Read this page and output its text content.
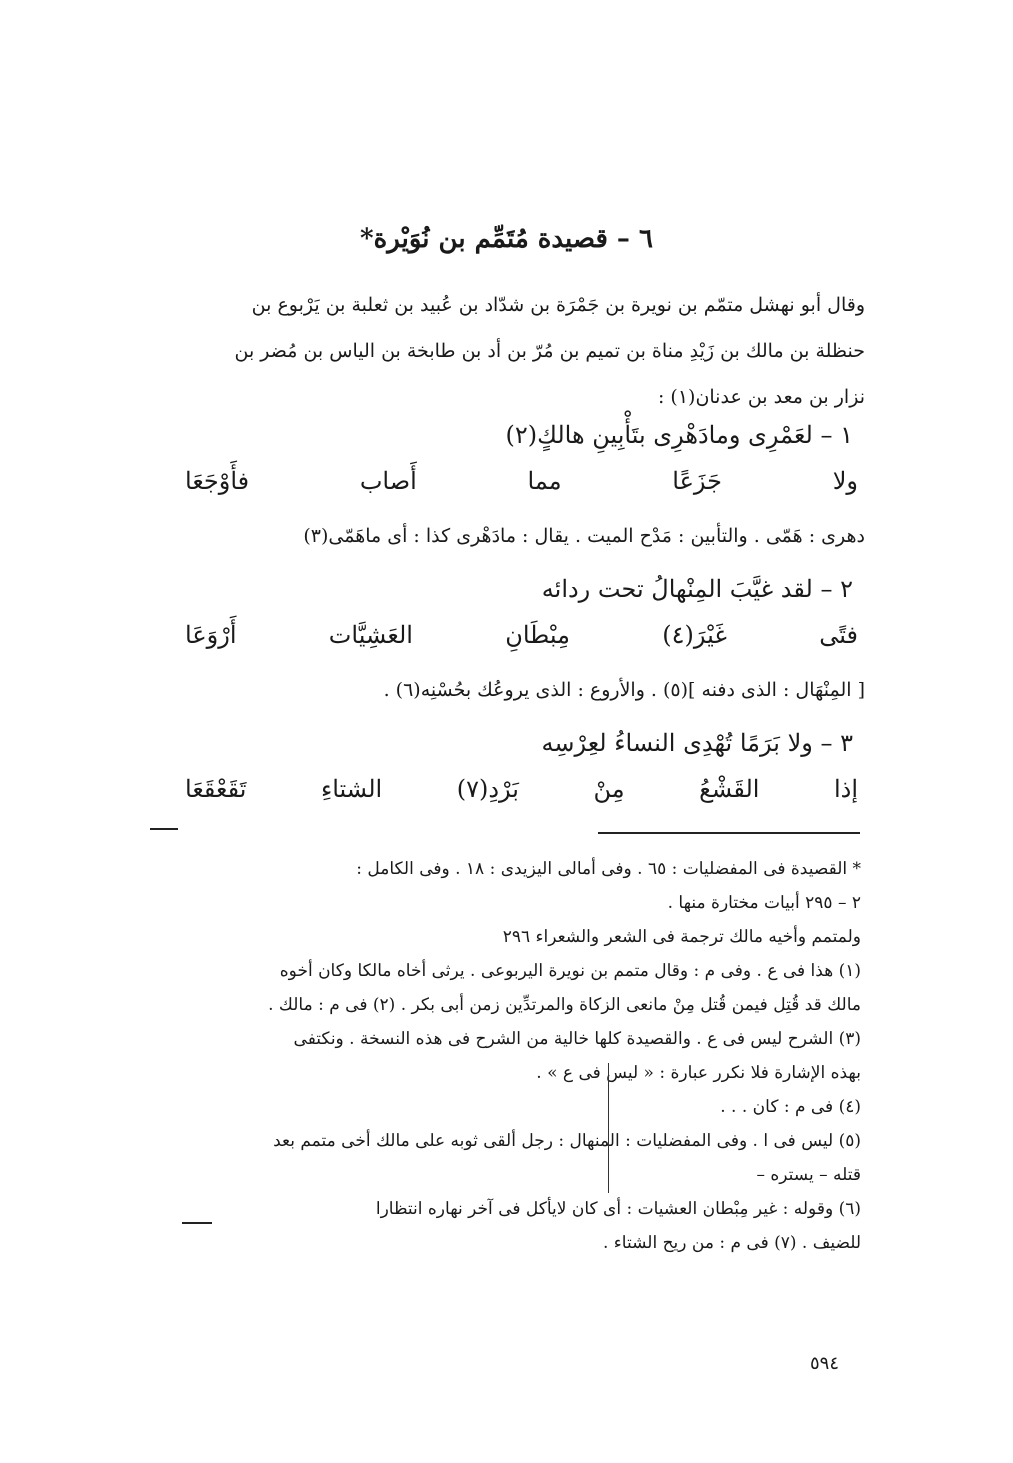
٦ – قصيدة مُتَمِّم بن نُوَيْرة*

وقال أبو نهشل متمّم بن نويرة بن جَمْرَة بن شدّاد بن عُبيد بن ثعلبة بن يَرْبوع بن

حنظلة بن مالك بن زَيْدِ مناة بن تميم بن مُرّ بن أد بن طابخة بن الياس بن مُضر بن

نزار بن معد بن عدنان(١) :

١ – لعَمْرِى ومادَهْرِى بتَأْبِينِ هالكٍ(٢)
ولا جَزَعًا مما أَصاب فأَوْجَعَا
دهرى : هَمّى . والتأبين : مَدْح الميت . يقال : مادَهْرى كذا : أى ماهَمّى(٣)
٢ – لقد غيَّبَ المِنْهالُ تحت ردائه
فتًى غَيْرَ(٤) مِبْطَانِ العَشِيَّات أَرْوَعَا
[ المِنْهَال : الذى دفنه ](٥) . والأروع : الذى يروعُك بحُسْنِه(٦) .
٣ – ولا بَرَمًا تُهْدِى النساءُ لعِرْسِه
إذا القَشْعُ مِنْ بَرْدِ(٧) الشتاءِ تَقَعْقَعَا
* القصيدة فى المفضليات : ٦٥ . وفى أمالى اليزيدى : ١٨ . وفى الكامل :
٢ – ٢٩٥ أبيات مختارة منها .
ولمتمم وأخيه مالك ترجمة فى الشعر والشعراء ٢٩٦
(١) هذا فى ع . وفى م : وقال متمم بن نويرة اليربوعى . يرثى أخاه مالكا وكان أخوه
مالك قد قُتِل فيمن قُتل مِنْ مانعى الزكاة والمرتدِّين زمن أبى بكر . (٢) فى م : مالك .
(٣) الشرح ليس فى ع . والقصيدة كلها خالية من الشرح فى هذه النسخة . ونكتفى
بهذه الإشارة فلا نكرر عبارة : « ليس فى ع » .
(٤) فى م : كان . . .
(٥) ليس فى ا . وفى المفضليات : المنهال : رجل ألقى ثوبه على مالك أخى متمم بعد
قتله – يستره –
(٦) وقوله : غير مِبْطان العشيات : أى كان لايأكل فى آخر نهاره انتظارا
للضيف . (٧) فى م : من ريح الشتاء .
٥٩٤
